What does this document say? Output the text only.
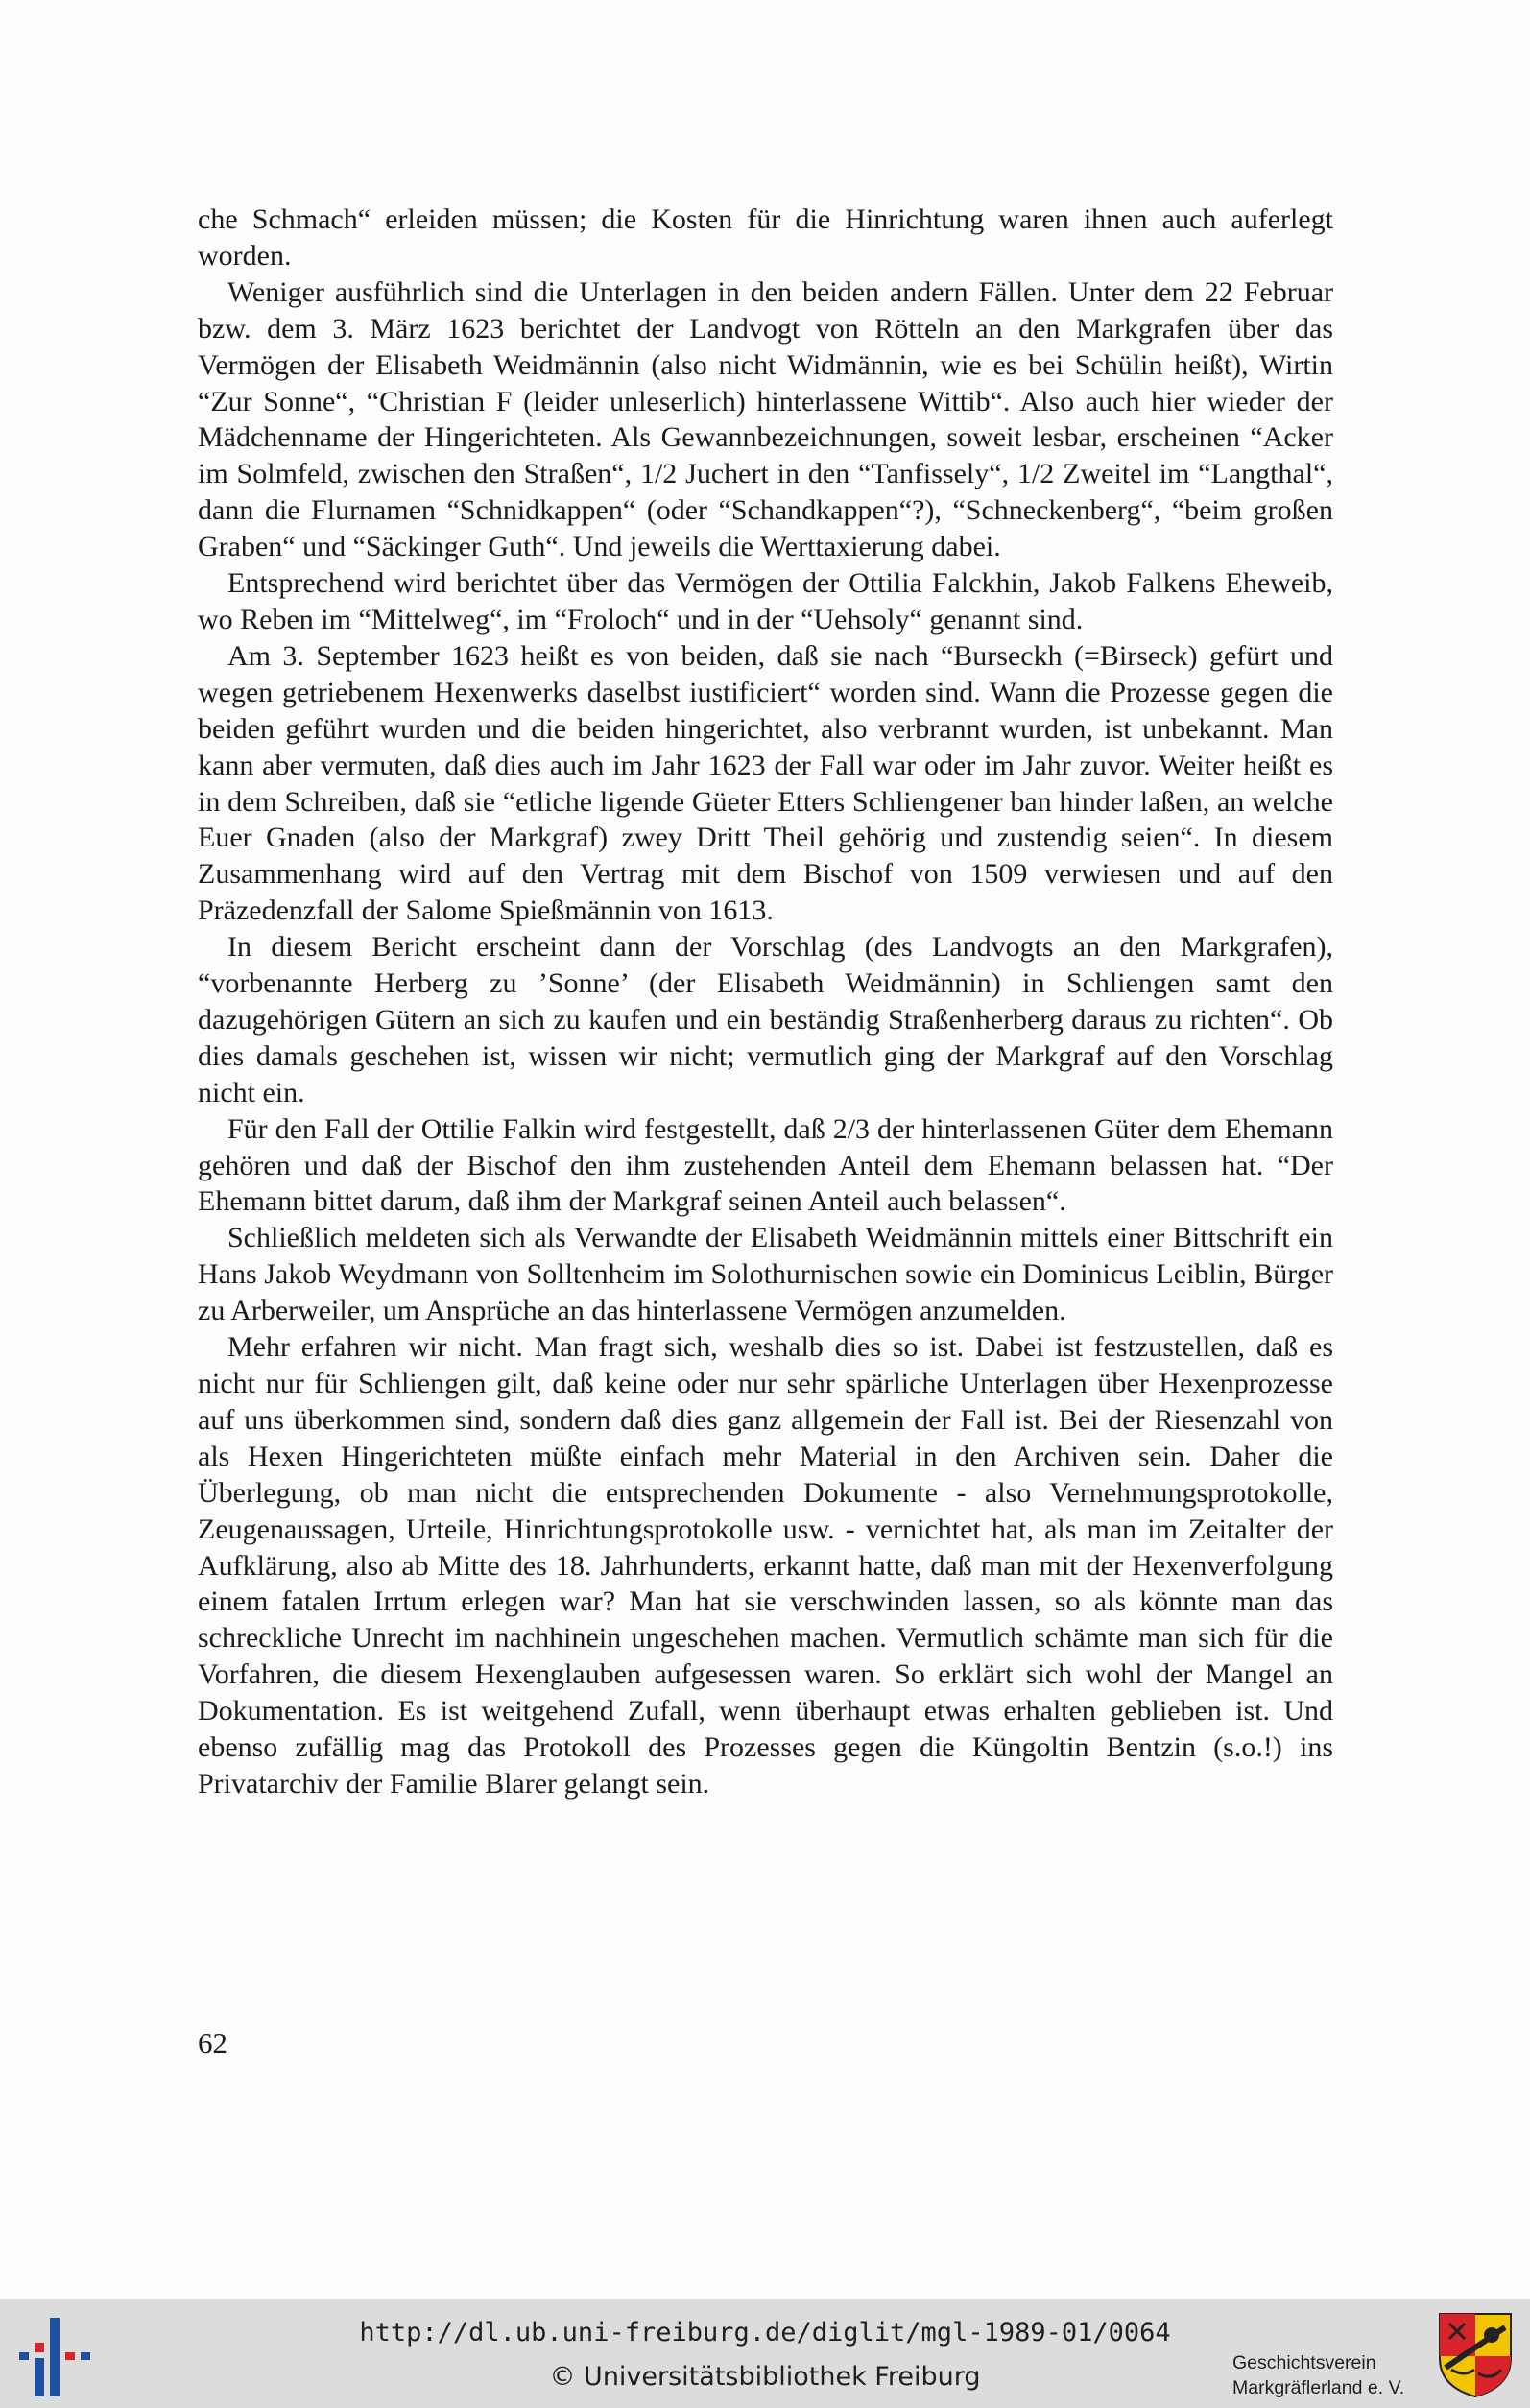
che Schmach“ erleiden müssen; die Kosten für die Hinrichtung waren ihnen auch auferlegt worden.

Weniger ausführlich sind die Unterlagen in den beiden andern Fällen. Unter dem 22 Februar bzw. dem 3. März 1623 berichtet der Landvogt von Rötteln an den Markgrafen über das Vermögen der Elisabeth Weidmännin (also nicht Widmännin, wie es bei Schülin heißt), Wirtin “Zur Sonne“, “Christian F (leider unleserlich) hinterlassene Wittib“. Also auch hier wieder der Mädchenname der Hingerichteten. Als Gewannbezeichnungen, soweit lesbar, erscheinen “Acker im Solmfeld, zwischen den Straßen“, 1/2 Juchert in den “Tanfissely“, 1/2 Zweitel im “Langthal“, dann die Flurnamen “Schnidkappen“ (oder “Schandkappen“?), “Schneckenberg“, “beim großen Graben“ und “Säckinger Guth“. Und jeweils die Werttaxierung dabei.

Entsprechend wird berichtet über das Vermögen der Ottilia Falckhin, Jakob Falkens Eheweib, wo Reben im “Mittelweg“, im “Froloch“ und in der “Uehsoly“ genannt sind.

Am 3. September 1623 heißt es von beiden, daß sie nach “Burseckh (=Birseck) gefürt und wegen getriebenem Hexenwerks daselbst iustificiert“ worden sind. Wann die Prozesse gegen die beiden geführt wurden und die beiden hingerichtet, also verbrannt wurden, ist unbekannt. Man kann aber vermuten, daß dies auch im Jahr 1623 der Fall war oder im Jahr zuvor. Weiter heißt es in dem Schreiben, daß sie “etliche ligende Güeter Etters Schliengener ban hinder laßen, an welche Euer Gnaden (also der Markgraf) zwey Dritt Theil gehörig und zustendig seien“. In diesem Zusammenhang wird auf den Vertrag mit dem Bischof von 1509 verwiesen und auf den Präzedenzfall der Salome Spießmännin von 1613.

In diesem Bericht erscheint dann der Vorschlag (des Landvogts an den Markgrafen), “vorbenannte Herberg zu ’Sonne’ (der Elisabeth Weidmännin) in Schliengen samt den dazugehörigen Gütern an sich zu kaufen und ein beständig Straßenherberg daraus zu richten“. Ob dies damals geschehen ist, wissen wir nicht; vermutlich ging der Markgraf auf den Vorschlag nicht ein.

Für den Fall der Ottilie Falkin wird festgestellt, daß 2/3 der hinterlassenen Güter dem Ehemann gehören und daß der Bischof den ihm zustehenden Anteil dem Ehemann belassen hat. “Der Ehemann bittet darum, daß ihm der Markgraf seinen Anteil auch belassen“.

Schließlich meldeten sich als Verwandte der Elisabeth Weidmännin mittels einer Bittschrift ein Hans Jakob Weydmann von Solltenheim im Solothurnischen sowie ein Dominicus Leiblin, Bürger zu Arberweiler, um Ansprüche an das hinterlassene Vermögen anzumelden.

Mehr erfahren wir nicht. Man fragt sich, weshalb dies so ist. Dabei ist festzustellen, daß es nicht nur für Schliengen gilt, daß keine oder nur sehr spärliche Unterlagen über Hexenprozesse auf uns überkommen sind, sondern daß dies ganz allgemein der Fall ist. Bei der Riesenzahl von als Hexen Hingerichteten müßte einfach mehr Material in den Archiven sein. Daher die Überlegung, ob man nicht die entsprechenden Dokumente - also Vernehmungsprotokolle, Zeugenaussagen, Urteile, Hinrichtungsprotokolle usw. - vernichtet hat, als man im Zeitalter der Aufklärung, also ab Mitte des 18. Jahrhunderts, erkannt hatte, daß man mit der Hexenverfolgung einem fatalen Irrtum erlegen war? Man hat sie verschwinden lassen, so als könnte man das schreckliche Unrecht im nachhinein ungeschehen machen. Vermutlich schämte man sich für die Vorfahren, die diesem Hexenglauben aufgesessen waren. So erklärt sich wohl der Mangel an Dokumentation. Es ist weitgehend Zufall, wenn überhaupt etwas erhalten geblieben ist. Und ebenso zufällig mag das Protokoll des Prozesses gegen die Küngoltin Bentzin (s.o.!) ins Privatarchiv der Familie Blarer gelangt sein.

62
http://dl.ub.uni-freiburg.de/diglit/mgl-1989-01/0064
© Universitätsbibliothek Freiburg	Geschichtsverein
Markgräflerland e. V.
